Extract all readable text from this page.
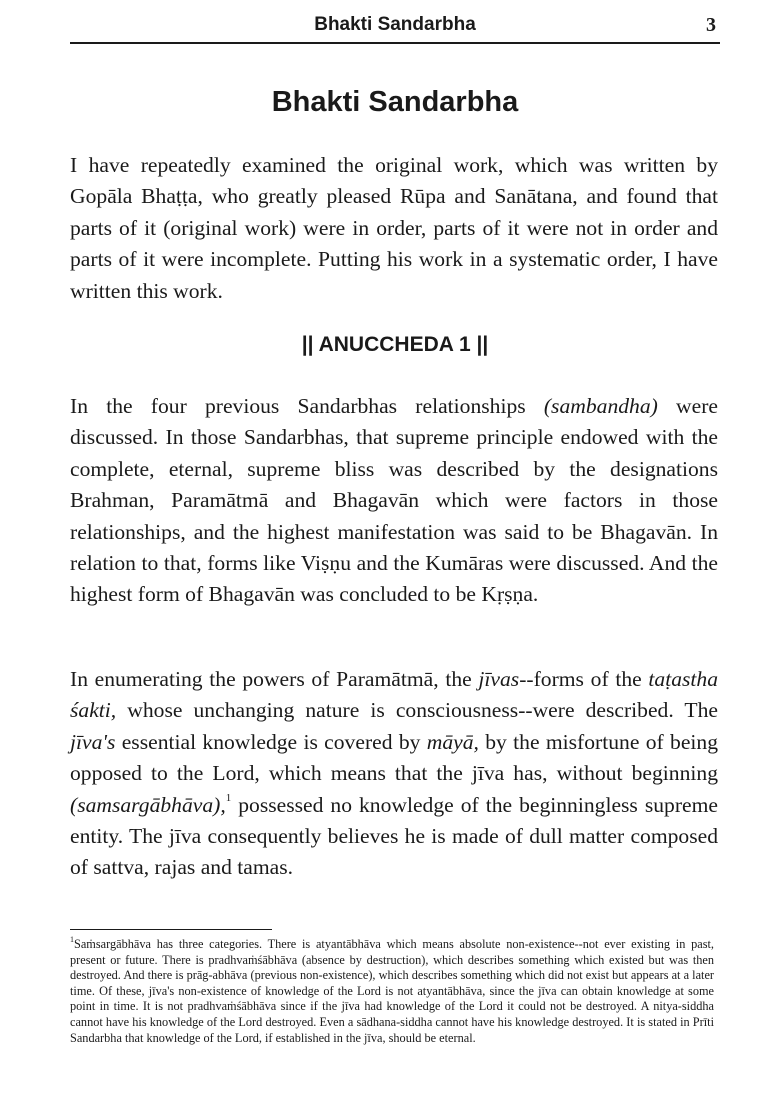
Bhakti Sandarbha	3
Bhakti Sandarbha

I have repeatedly examined the original work, which was written by Gopāla Bhaṭṭa, who greatly pleased Rūpa and Sanātana, and found that parts of it (original work) were in order, parts of it were not in order and parts of it were incomplete. Putting his work in a systematic order, I have written this work.

|| ANUCCHEDA 1 ||

In the four previous Sandarbhas relationships (sambandha) were discussed. In those Sandarbhas, that supreme principle endowed with the complete, eternal, supreme bliss was described by the designations Brahman, Paramātmā and Bhagavān which were factors in those relationships, and the highest manifestation was said to be Bhagavān. In relation to that, forms like Viṣṇu and the Kumāras were discussed. And the highest form of Bhagavān was concluded to be Kṛṣṇa.

In enumerating the powers of Paramātmā, the jīvas--forms of the taṭastha śakti, whose unchanging nature is consciousness--were described. The jīva's essential knowledge is covered by māyā, by the misfortune of being opposed to the Lord, which means that the jīva has, without beginning (samsargābhāva),$^1$ possessed no knowledge of the beginningless supreme entity. The jīva consequently believes he is made of dull matter composed of sattva, rajas and tamas.

$^1$Saṁsargābhāva has three categories. There is atyantābhāva which means absolute non-existence--not ever existing in past, present or future. There is pradhvaṁśābhāva (absence by destruction), which describes something which existed but was then destroyed. And there is prāg-abhāva (previous non-existence), which describes something which did not exist but appears at a later time. Of these, jīva's non-existence of knowledge of the Lord is not atyantābhāva, since the jīva can obtain knowledge at some point in time. It is not pradhvaṁśābhāva since if the jīva had knowledge of the Lord it could not be destroyed. A nitya-siddha cannot have his knowledge of the Lord destroyed. Even a sādhana-siddha cannot have his knowledge destroyed. It is stated in Prīti Sandarbha that knowledge of the Lord, if established in the jīva, should be eternal.
